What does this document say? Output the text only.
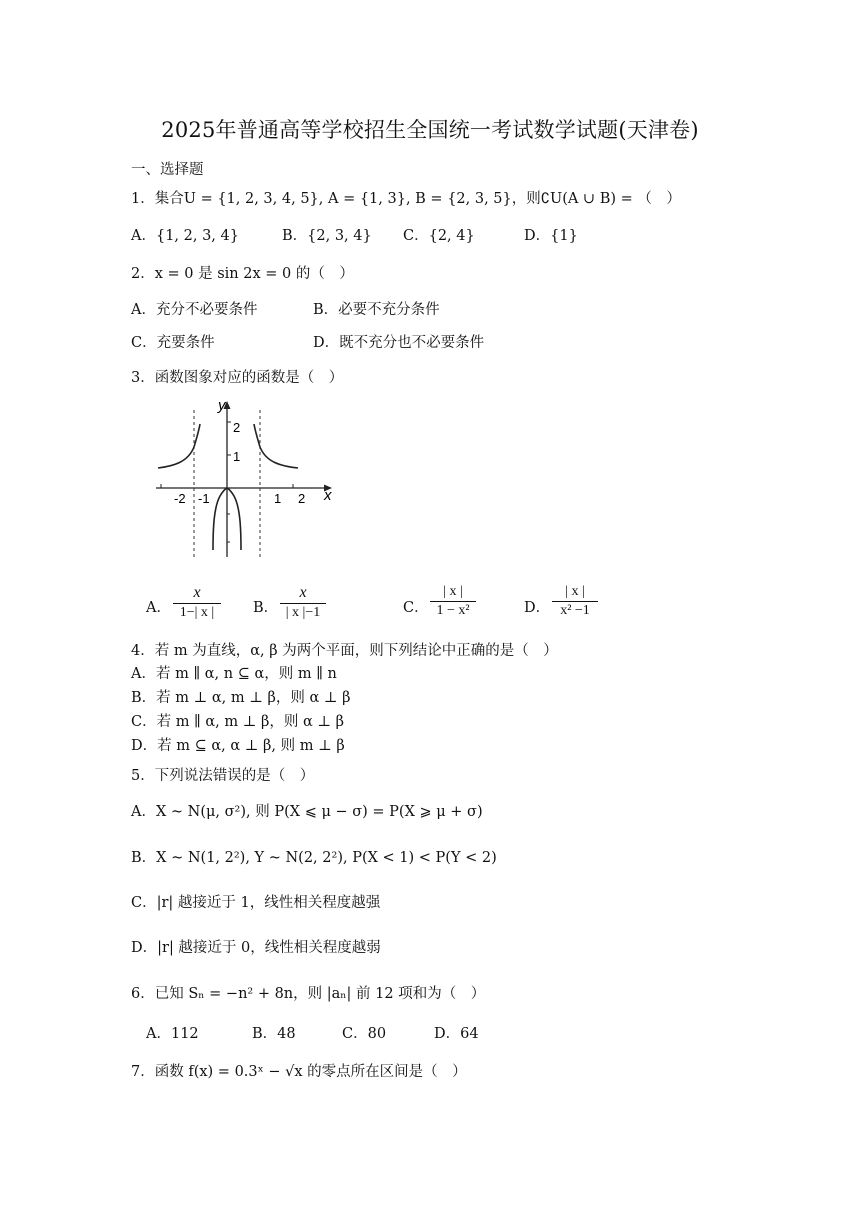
2025年普通高等学校招生全国统一考试数学试题(天津卷)
一、选择题
1．集合U = {1, 2, 3, 4, 5}, A = {1, 3}, B = {2, 3, 5}，则∁U(A ∪ B) = （　）
A．{1, 2, 3, 4}	B．{2, 3, 4} C．{2, 4}	D．{1}
2．x = 0 是 sin 2x = 0 的（　）
A．充分不必要条件	B．必要不充分条件
C．充要条件	D．既不充分也不必要条件
3．函数图象对应的函数是（　）
y
x
-2 -1	1 2
2
1
A．
x
1−| x |	B．
x
| x |−1	C．
| x |
1 − x²	D．
| x |
x² −1
4．若 m 为直线，α, β 为两个平面，则下列结论中正确的是（　）
A．若 m ∥ α, n ⊆ α，则 m ∥ n
B．若 m ⊥ α, m ⊥ β，则 α ⊥ β
C．若 m ∥ α, m ⊥ β，则 α ⊥ β
D．若 m ⊆ α, α ⊥ β, 则 m ⊥ β
5．下列说法错误的是（　）
A．X ~ N(μ, σ²), 则 P(X ⩽ μ − σ) = P(X ⩾ μ + σ)
B．X ~ N(1, 2²), Y ~ N(2, 2²), P(X < 1) < P(Y < 2)
C．|r| 越接近于 1，线性相关程度越强
D．|r| 越接近于 0，线性相关程度越弱
6．已知 Sₙ = −n² + 8n，则 |aₙ| 前 12 项和为（　）
A．112	B．48	C．80	D．64
7．函数 f(x) = 0.3ˣ − √x 的零点所在区间是（　）
